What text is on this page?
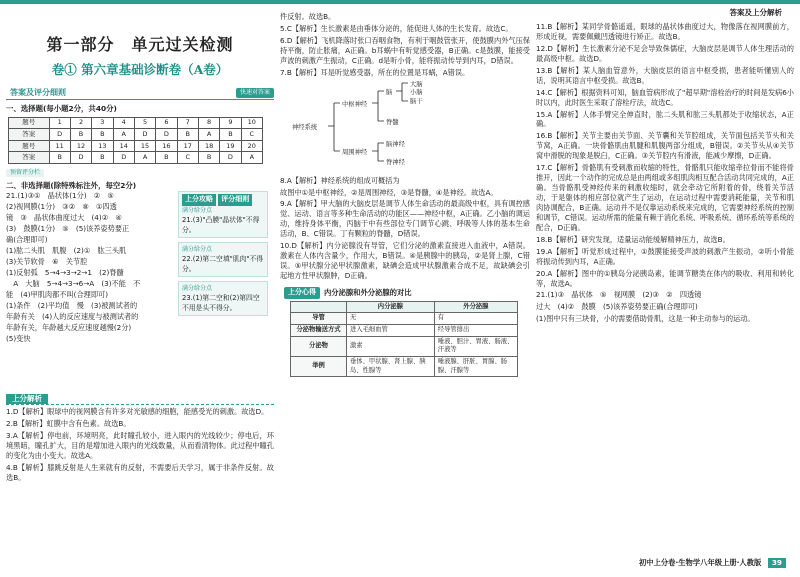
答案及上分解析
第一部分　单元过关检测
卷① 第六章基础诊断卷（A卷）
答案及评分细则	快速对答案
一、选择题(每小题2分，共40分)
题号	1	2	3	4	5	6	7	8	9	10
答案	D	B	B	A	D	D	B	A	B	C
题号	11	12	13	14	15	16	17	18	19	20
答案	B	D	B	D	A	B	C	B	D	A
预留评分栏
二、非选择题(除特殊标注外，每空2分)

21.(1)③①　晶状体(1分)　②　⑤

(2)视网膜(1分)　③②　⑧　①四透

镜　③　晶状体曲度过大　(4)②　④

(3)　鼓膜(1分)　⑤　(5)该养姿势要正

确(合理即可)

(1)肱二头肌　肌腹　(2)①　肱三头肌

(3)关节软骨　⑥　关节腔

(1)反射弧　5→4→3→2→1　(2)脊髓

　A　大脑　5→4→3→6→A　(3)不能　不

能　(4)甲肌肉都不叫(合理即可)

(1)条件　(2)平均值　慢　(3)被测试者的

年龄有关　(4)人的反应速度与被测试者的

年龄有关，年龄越大反应速度越慢(2分)

(5)变快

上分攻略 评分细则
满分给分点
21.(3)"凸膜"晶状体"不得分。
满分给分点
22.(2)第二空填"肌肉"不得分。
满分给分点
23.(1)第二空和(2)第四空不用是头不得分。
上分解析

1.D【解析】眼球中的视网膜含有许多对光敏感的细胞，能感受光的刺激。故选D。

2.B【解析】虹膜中含有色素。故选B。

3.A【解析】停电前，环境明亮，此时瞳孔较小，进入眼内的光线较少；停电后，环境黑暗，瞳孔扩大，目的是增加进入眼内的光线数量，从而看清物体。此过程中瞳孔的变化为由小变大。故选A。

4.B【解析】膝跳反射是人生来就有的反射，不需要后天学习，属于非条件反射。故选B。

件反射。故选B。

5.C【解析】生长激素是由垂体分泌的，能促进人体的生长发育。故选C。

6.D【解析】飞机降落时张口吞咽食物，有利于咽鼓管张开，使鼓膜内外气压保持平衡，防止胀痛，A正确。b耳蜗中有听觉感受器，B正确。c是鼓膜，能接受声波的刺激产生振动，C正确。d是听小骨，能将振动传导到内耳，D错误。

7.B【解析】耳是听觉感受器，所在的位置是耳蜗，A错误。

神经系统
中枢神经
周围神经
脑
脊髓
大脑
小脑
脑干
脑神经
脊神经

8.A【解析】神经系统的组成可概括为

故图中①是中枢神经，②是周围神经，③是脊髓，④是神经。故选A。

9.A【解析】甲大脑的大脑皮层是调节人体生命活动的最高级中枢，具有调控感觉、运动、语言等多种生命活动的功能区——神经中枢，A正确。乙小脑的调运动，维持身体平衡，丙脑干中有些部位专门调节心跳、呼吸等人体的基本生命活动，B、C错误。丁有颗粒的脊髓，D错误。

10.D【解析】内分泌腺没有导管，它们分泌的激素直接进入血液中，A错误。激素在人体内含量少，作用大，B错误。④是胰腺中的胰岛，②是肾上腺，C错误。⑤甲状腺分泌甲状腺激素，缺碘会造成甲状腺激素合成不足，故缺碘会引起地方性甲状腺肿，D正确。

上分心得	内分泌腺和外分泌腺的对比
	内分泌腺	外分泌腺
导管	无	有
分泌物输送方式	进入毛细血管	经导管排出
分泌物	激素	唾液、胆汁、胃液、肠液、汗液等
举例	垂体、甲状腺、肾上腺、胰岛、性腺等	唾液腺、肝脏、胃腺、肠腺、汗腺等

11.B【解析】某同学骨骼遥遥，眼球的晶状体曲度过大，物像落在视网膜前方，形成近视，需要佩戴凹透镜进行矫正。故选B。

12.D【解析】生长激素分泌不足会导致侏儒症，大脑皮层是调节人体生理活动的最高级中枢。故选D。

13.B【解析】某人脑血管意外，大脑皮层的语言中枢受损，患者能听懂别人的话，说明其语言中枢受损。故选B。

14.C【解析】根据资料可知，脑血管病形成了"超早期"溶栓治疗的时间是发病6小时以内，此时医生采取了溶栓疗法，故选C。

15.A【解析】人体手臂完全伸直时，肱二头肌和肱三头肌都处于收缩状态，A正确。

16.B【解析】关节主要由关节面、关节囊和关节腔组成，关节面包括关节头和关节窝，A正确。一块骨骼肌由肌腱和肌腹两部分组成，B错误。②关节头从④关节窝中滑脱的现象是脱臼，C正确。③关节腔内有滑液，能减少摩擦，D正确。

17.C【解析】骨骼肌有受刺激而收缩的特性，骨骼肌只能收缩牵拉骨而不能将骨推开，因此一个动作的完成总是由两组或多组肌肉相互配合活动共同完成的，A正确。当骨骼肌受神经传来的刺激收缩时，就会牵动它所附着的骨，绕着关节活动，于是躯体的相应部位就产生了运动，在运动过程中需要消耗能量，关节和肌肉协调配合，B正确。运动并不是仅靠运动系统来完成的，它需要神经系统的控制和调节，C错误。运动所需的能量有赖于消化系统、呼吸系统、循环系统等系统的配合，D正确。

18.B【解析】研究发现，适量运动能缓解精神压力，故选B。

19.A【解析】听觉形成过程中，①鼓膜能接受声波的刺激产生振动，②听小骨能将振动传到内耳，A正确。

20.A【解析】图中的①胰岛分泌胰岛素，能调节糖类在体内的吸收、利用和转化等，故选A。

21.(1)③　晶状体　⑤　视网膜　(2)③　②　四透镜

过大　(4)②　鼓膜　(5)该养姿势要正确(合理即可)

(1)图中只有三块骨，小的需要借助骨肌，这是一种主动参与的运动。

初中上分卷·生物学八年级上册·人教版 39
